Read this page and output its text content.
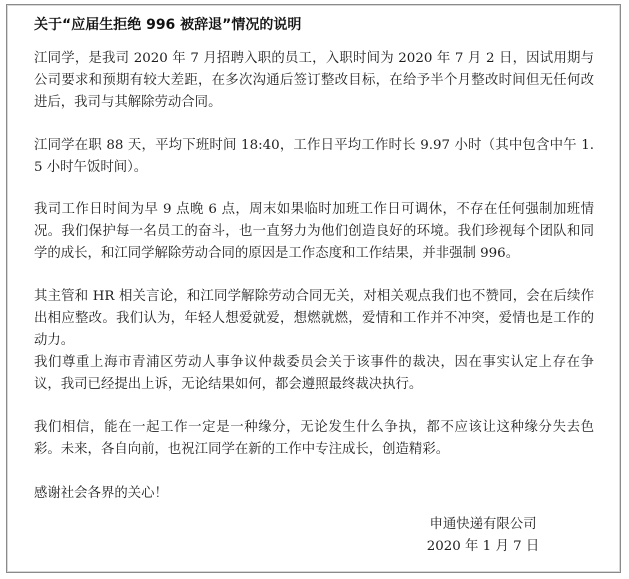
关于“应届生拒绝 996 被辞退”情况的说明

江同学，是我司 2020 年 7 月招聘入职的员工，入职时间为 2020 年 7 月 2 日，因试用期与公司要求和预期有较大差距，在多次沟通后签订整改目标，在给予半个月整改时间但无任何改进后，我司与其解除劳动合同。

江同学在职 88 天，平均下班时间 18:40，工作日平均工作时长 9.97 小时（其中包含中午 1.5 小时午饭时间）。

我司工作日时间为早 9 点晚 6 点，周末如果临时加班工作日可调休，不存在任何强制加班情况。我们保护每一名员工的奋斗，也一直努力为他们创造良好的环境。我们珍视每个团队和同学的成长，和江同学解除劳动合同的原因是工作态度和工作结果，并非强制 996。

其主管和 HR 相关言论，和江同学解除劳动合同无关，对相关观点我们也不赞同，会在后续作出相应整改。我们认为，年轻人想爱就爱，想燃就燃，爱情和工作并不冲突，爱情也是工作的动力。

我们尊重上海市青浦区劳动人事争议仲裁委员会关于该事件的裁决，因在事实认定上存在争议，我司已经提出上诉，无论结果如何，都会遵照最终裁决执行。

我们相信，能在一起工作一定是一种缘分，无论发生什么争执，都不应该让这种缘分失去色彩。未来，各自向前，也祝江同学在新的工作中专注成长，创造精彩。

感谢社会各界的关心！

申通快递有限公司
2020 年 1 月 7 日
